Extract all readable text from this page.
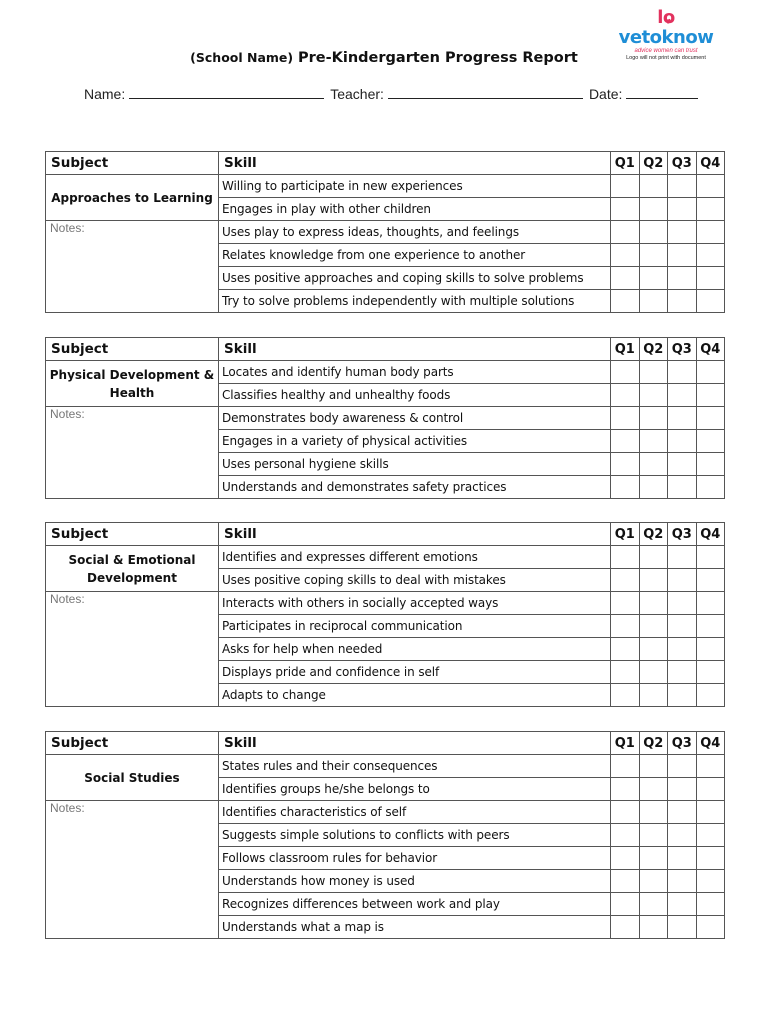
lo ♥vetoknow
advice women can trust
Logo will not print with document
(School Name) Pre-Kindergarten Progress Report
Name:	Teacher:	Date:
Subject	Skill	Q1	Q2	Q3	Q4
Approaches to Learning	Willing to participate in new experiences				
	Engages in play with other children				
Notes:	Uses play to express ideas, thoughts, and feelings				
	Relates knowledge from one experience to another				
	Uses positive approaches and coping skills to solve problems				
	Try to solve problems independently with multiple solutions				
Subject	Skill	Q1	Q2	Q3	Q4
Physical Development & Health	Locates and identify human body parts				
	Classifies healthy and unhealthy foods				
Notes:	Demonstrates body awareness & control				
	Engages in a variety of physical activities				
	Uses personal hygiene skills				
	Understands and demonstrates safety practices				
Subject	Skill	Q1	Q2	Q3	Q4
Social & Emotional Development	Identifies and expresses different emotions				
	Uses positive coping skills to deal with mistakes				
Notes:	Interacts with others in socially accepted ways				
	Participates in reciprocal communication				
	Asks for help when needed				
	Displays pride and confidence in self				
	Adapts to change				
Subject	Skill	Q1	Q2	Q3	Q4
Social Studies	States rules and their consequences				
	Identifies groups he/she belongs to				
Notes:	Identifies characteristics of self				
	Suggests simple solutions to conflicts with peers				
	Follows classroom rules for behavior				
	Understands how money is used				
	Recognizes differences between work and play				
	Understands what a map is				
